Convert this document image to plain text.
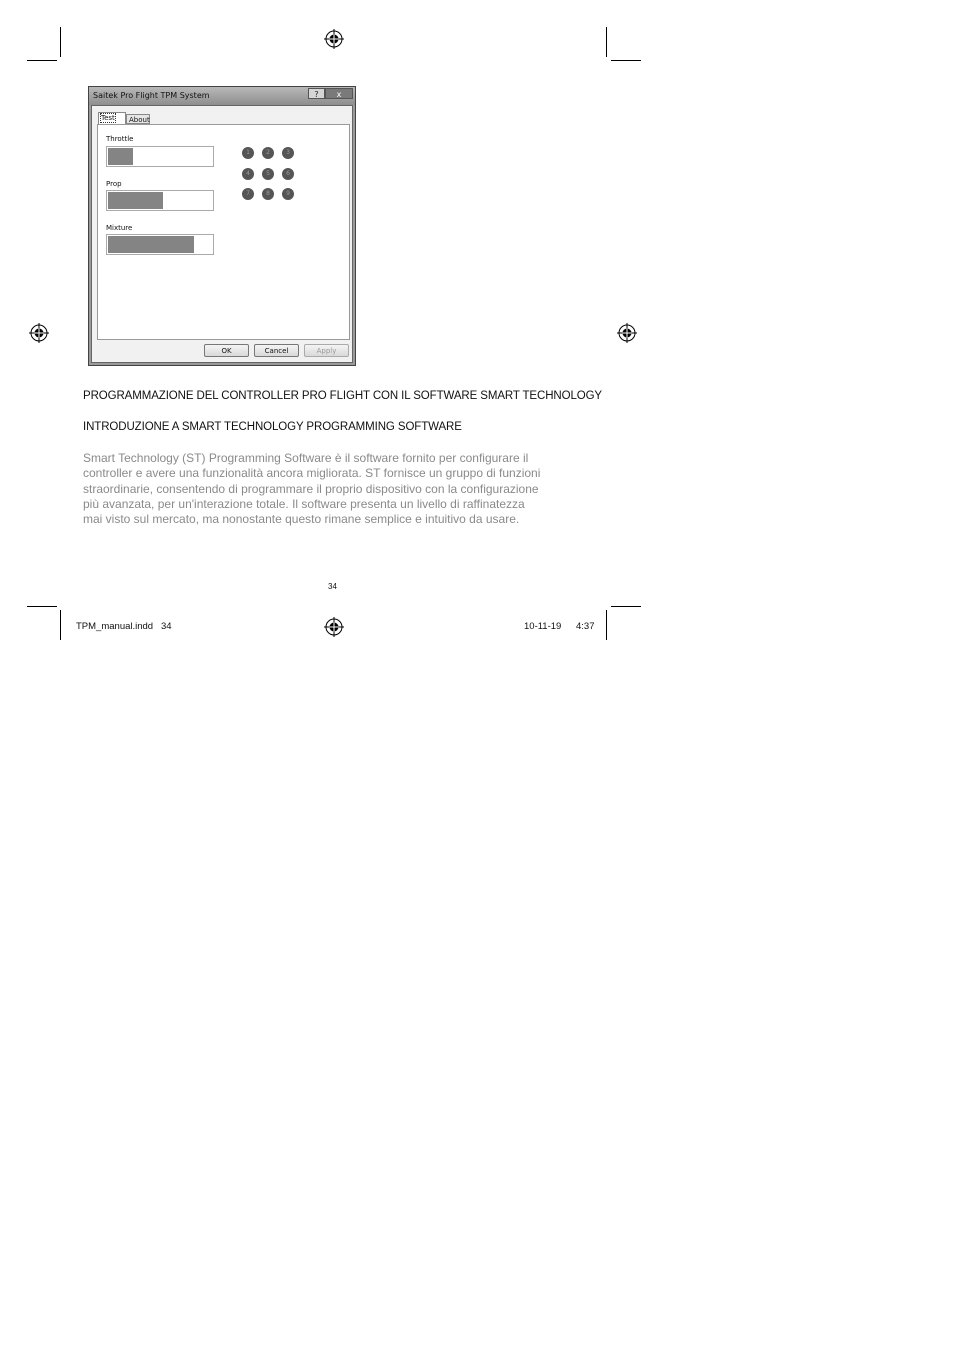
Saitek Pro Flight TPM System	?	x
Test	About
Throttle
Prop
Mixture
1	2	3
4	5	6
7	8	9
OK	Cancel	Apply
PROGRAMMAZIONE DEL CONTROLLER PRO FLIGHT CON IL SOFTWARE SMART TECHNOLOGY
INTRODUZIONE A SMART TECHNOLOGY PROGRAMMING SOFTWARE
Smart Technology (ST) Programming Software è il software fornito per configurare il
controller e avere una funzionalità ancora migliorata. ST fornisce un gruppo di funzioni
straordinarie, consentendo di programmare il proprio dispositivo con la configurazione
più avanzata, per un'interazione totale. Il software presenta un livello di raffinatezza
mai visto sul mercato, ma nonostante questo rimane semplice e intuitivo da usare.
34
TPM_manual.indd   34	10-11-19 4:37
